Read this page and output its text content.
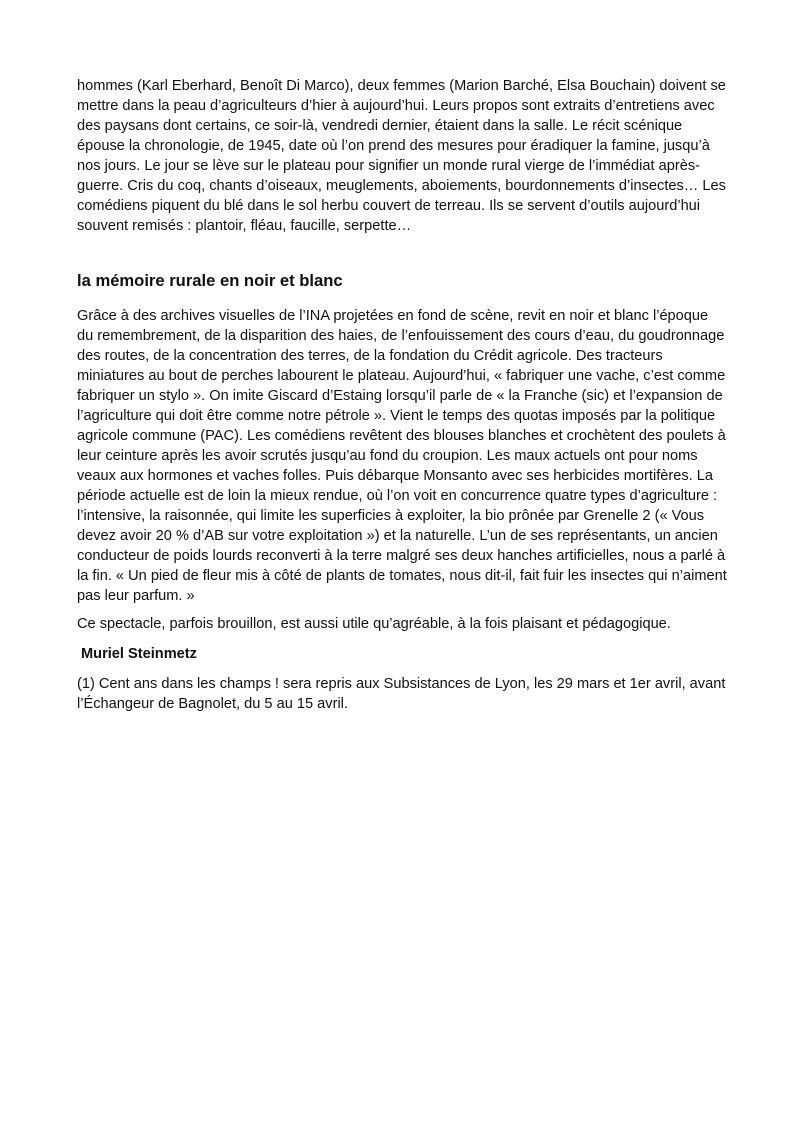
hommes (Karl Eberhard, Benoît Di Marco), deux femmes (Marion Barché, Elsa Bouchain) doivent se mettre dans la peau d’agriculteurs d’hier à aujourd’hui. Leurs propos sont extraits d’entretiens avec des paysans dont certains, ce soir-là, vendredi dernier, étaient dans la salle. Le récit scénique épouse la chronologie, de 1945, date où l’on prend des mesures pour éradiquer la famine, jusqu’à nos jours. Le jour se lève sur le plateau pour signifier un monde rural vierge de l’immédiat après-guerre. Cris du coq, chants d’oiseaux, meuglements, aboiements, bourdonnements d’insectes… Les comédiens piquent du blé dans le sol herbu couvert de terreau. Ils se servent d’outils aujourd’hui souvent remisés : plantoir, fléau, faucille, serpette…

la mémoire rurale en noir et blanc

Grâce à des archives visuelles de l’INA projetées en fond de scène, revit en noir et blanc l’époque du remembrement, de la disparition des haies, de l’enfouissement des cours d’eau, du goudronnage des routes, de la concentration des terres, de la fondation du Crédit agricole. Des tracteurs miniatures au bout de perches labourent le plateau. Aujourd’hui, « fabriquer une vache, c’est comme fabriquer un stylo ». On imite Giscard d’Estaing lorsqu’il parle de « la Franche (sic) et l’expansion de l’agriculture qui doit être comme notre pétrole ». Vient le temps des quotas imposés par la politique agricole commune (PAC). Les comédiens revêtent des blouses blanches et crochètent des poulets à leur ceinture après les avoir scrutés jusqu’au fond du croupion. Les maux actuels ont pour noms veaux aux hormones et vaches folles. Puis débarque Monsanto avec ses herbicides mortifères. La période actuelle est de loin la mieux rendue, où l’on voit en concurrence quatre types d’agriculture : l’intensive, la raisonnée, qui limite les superficies à exploiter, la bio prônée par Grenelle 2 (« Vous devez avoir 20 % d’AB sur votre exploitation ») et la naturelle. L’un de ses représentants, un ancien conducteur de poids lourds reconverti à la terre malgré ses deux hanches artificielles, nous a parlé à la fin. « Un pied de fleur mis à côté de plants de tomates, nous dit-il, fait fuir les insectes qui n’aiment pas leur parfum. »

Ce spectacle, parfois brouillon, est aussi utile qu’agréable, à la fois plaisant et pédagogique.

Muriel Steinmetz

(1) Cent ans dans les champs ! sera repris aux Subsistances de Lyon, les 29 mars et 1er avril, avant l’Échangeur de Bagnolet, du 5 au 15 avril.
